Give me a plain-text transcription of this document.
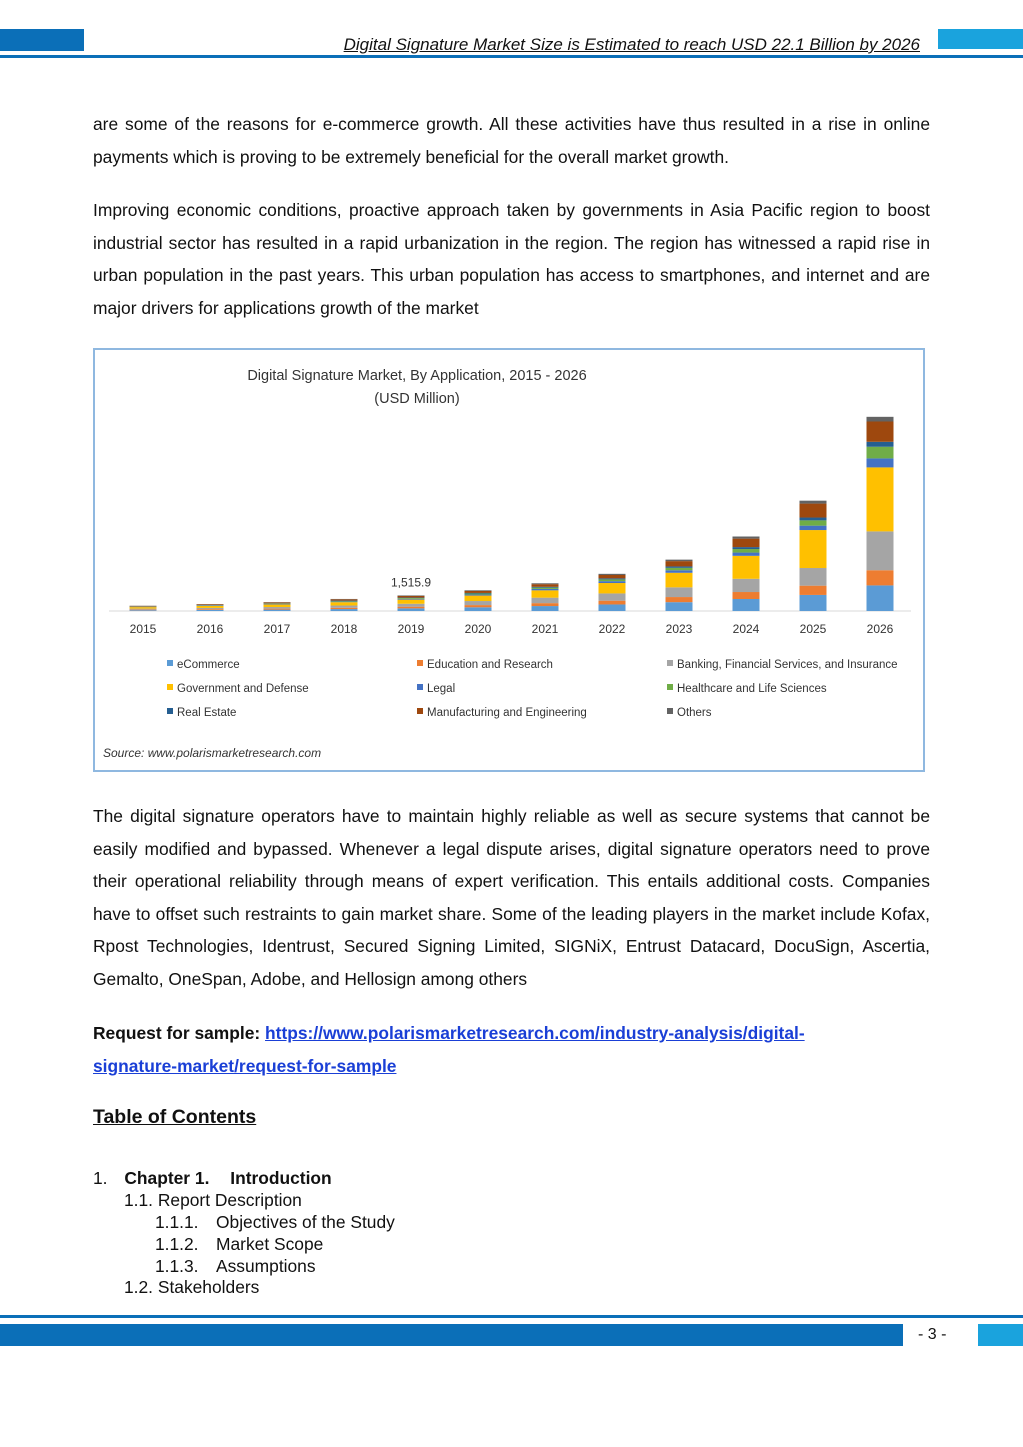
Digital Signature Market Size is Estimated to reach USD 22.1 Billion by 2026

are some of the reasons for e-commerce growth. All these activities have thus resulted in a rise in online payments which is proving to be extremely beneficial for the overall market growth.

Improving economic conditions, proactive approach taken by governments in Asia Pacific region to boost industrial sector has resulted in a rapid urbanization in the region. The region has witnessed a rapid rise in urban population in the past years. This urban population has access to smartphones, and internet and are major drivers for applications growth of the market

Digital Signature Market, By Application, 2015 - 2026
(USD Million)
2015	2016	2017	2018	2019	2020	2021	2022	2023	2024	2025	2026
1,515.9
eCommerce	Education and Research	Banking, Financial Services, and Insurance
Government and Defense	Legal	Healthcare and Life Sciences
Real Estate	Manufacturing and Engineering	Others
Source: www.polarismarketresearch.com

The digital signature operators have to maintain highly reliable as well as secure systems that cannot be easily modified and bypassed. Whenever a legal dispute arises, digital signature operators need to prove their operational reliability through means of expert verification. This entails additional costs. Companies have to offset such restraints to gain market share. Some of the leading players in the market include Kofax, Rpost Technologies, Identrust, Secured Signing Limited, SIGNiX, Entrust Datacard, DocuSign, Ascertia, Gemalto, OneSpan, Adobe, and Hellosign among others

Request for sample: https://www.polarismarketresearch.com/industry-analysis/digital-
signature-market/request-for-sample

Table of Contents
1. Chapter 1. Introduction
1.1. Report Description
1.1.1. Objectives of the Study
1.1.2. Market Scope
1.1.3. Assumptions
1.2. Stakeholders
- 3 -
